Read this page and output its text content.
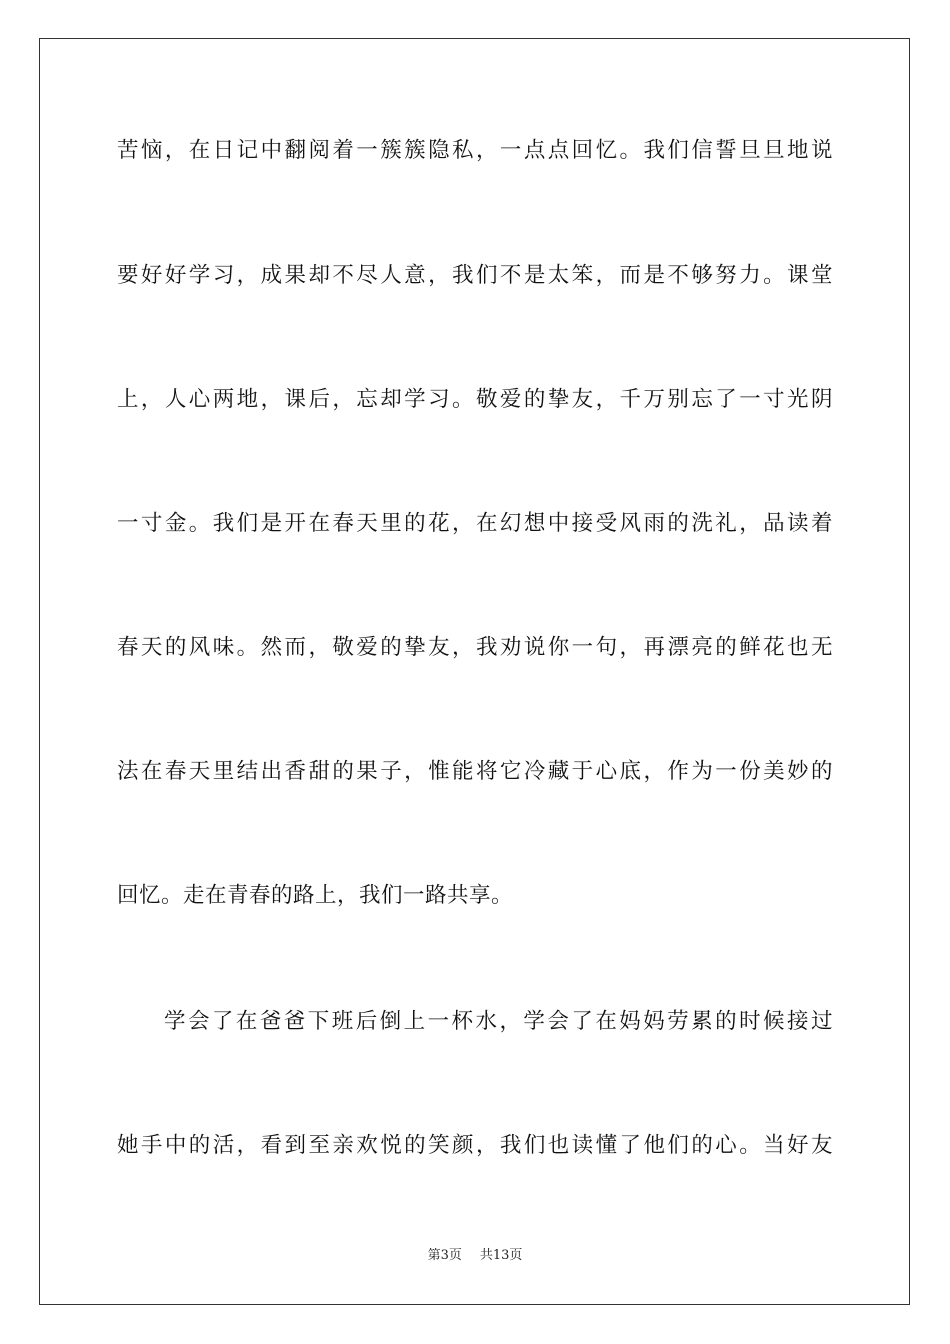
苦恼，在日记中翻阅着一簇簇隐私，一点点回忆。我们信誓旦旦地说
要好好学习，成果却不尽人意，我们不是太笨，而是不够努力。课堂
上，人心两地，课后，忘却学习。敬爱的挚友，千万别忘了一寸光阴
一寸金。我们是开在春天里的花，在幻想中接受风雨的洗礼，品读着
春天的风味。然而，敬爱的挚友，我劝说你一句，再漂亮的鲜花也无
法在春天里结出香甜的果子，惟能将它冷藏于心底，作为一份美妙的
回忆。走在青春的路上，我们一路共享。
学会了在爸爸下班后倒上一杯水，学会了在妈妈劳累的时候接过
她手中的活，看到至亲欢悦的笑颜，我们也读懂了他们的心。当好友
第3页 共13页
